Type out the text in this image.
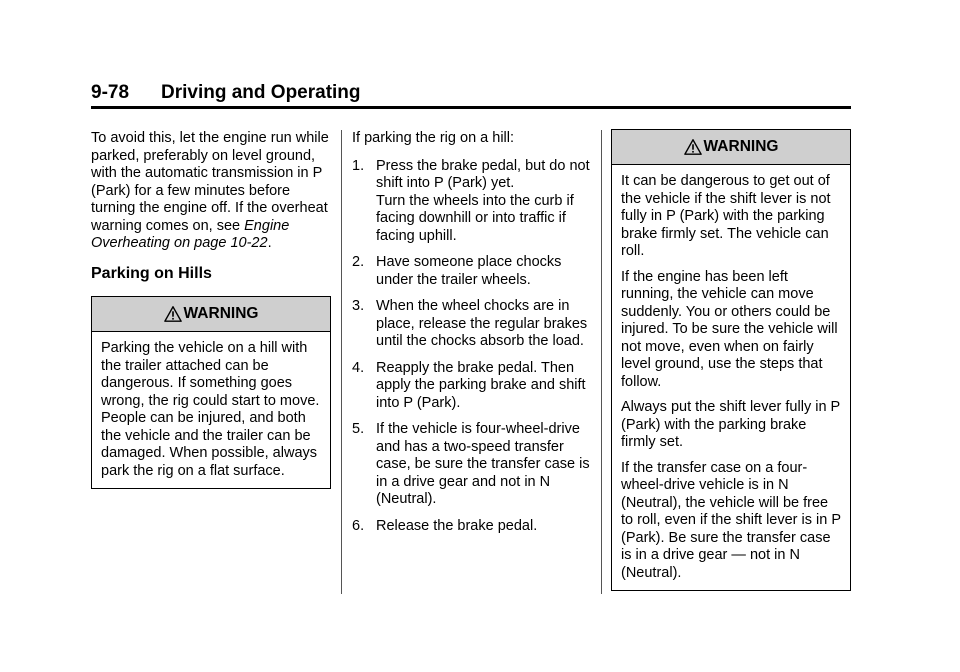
9-78 Driving and Operating

To avoid this, let the engine run while parked, preferably on level ground, with the automatic transmission in P (Park) for a few minutes before turning the engine off. If the overheat warning comes on, see Engine Overheating on page 10-22.

Parking on Hills
WARNING

Parking the vehicle on a hill with the trailer attached can be dangerous. If something goes wrong, the rig could start to move. People can be injured, and both the vehicle and the trailer can be damaged. When possible, always park the rig on a flat surface.

If parking the rig on a hill:

1. Press the brake pedal, but do not shift into P (Park) yet.
Turn the wheels into the curb if facing downhill or into traffic if facing uphill.
2. Have someone place chocks under the trailer wheels.
3. When the wheel chocks are in place, release the regular brakes until the chocks absorb the load.
4. Reapply the brake pedal. Then apply the parking brake and shift into P (Park).
5. If the vehicle is four-wheel-drive and has a two-speed transfer case, be sure the transfer case is in a drive gear and not in N (Neutral).
6. Release the brake pedal.
WARNING

It can be dangerous to get out of the vehicle if the shift lever is not fully in P (Park) with the parking brake firmly set. The vehicle can roll.

If the engine has been left running, the vehicle can move suddenly. You or others could be injured. To be sure the vehicle will not move, even when on fairly level ground, use the steps that follow.

Always put the shift lever fully in P (Park) with the parking brake firmly set.

If the transfer case on a four-wheel-drive vehicle is in N (Neutral), the vehicle will be free to roll, even if the shift lever is in P (Park). Be sure the transfer case is in a drive gear — not in N (Neutral).
